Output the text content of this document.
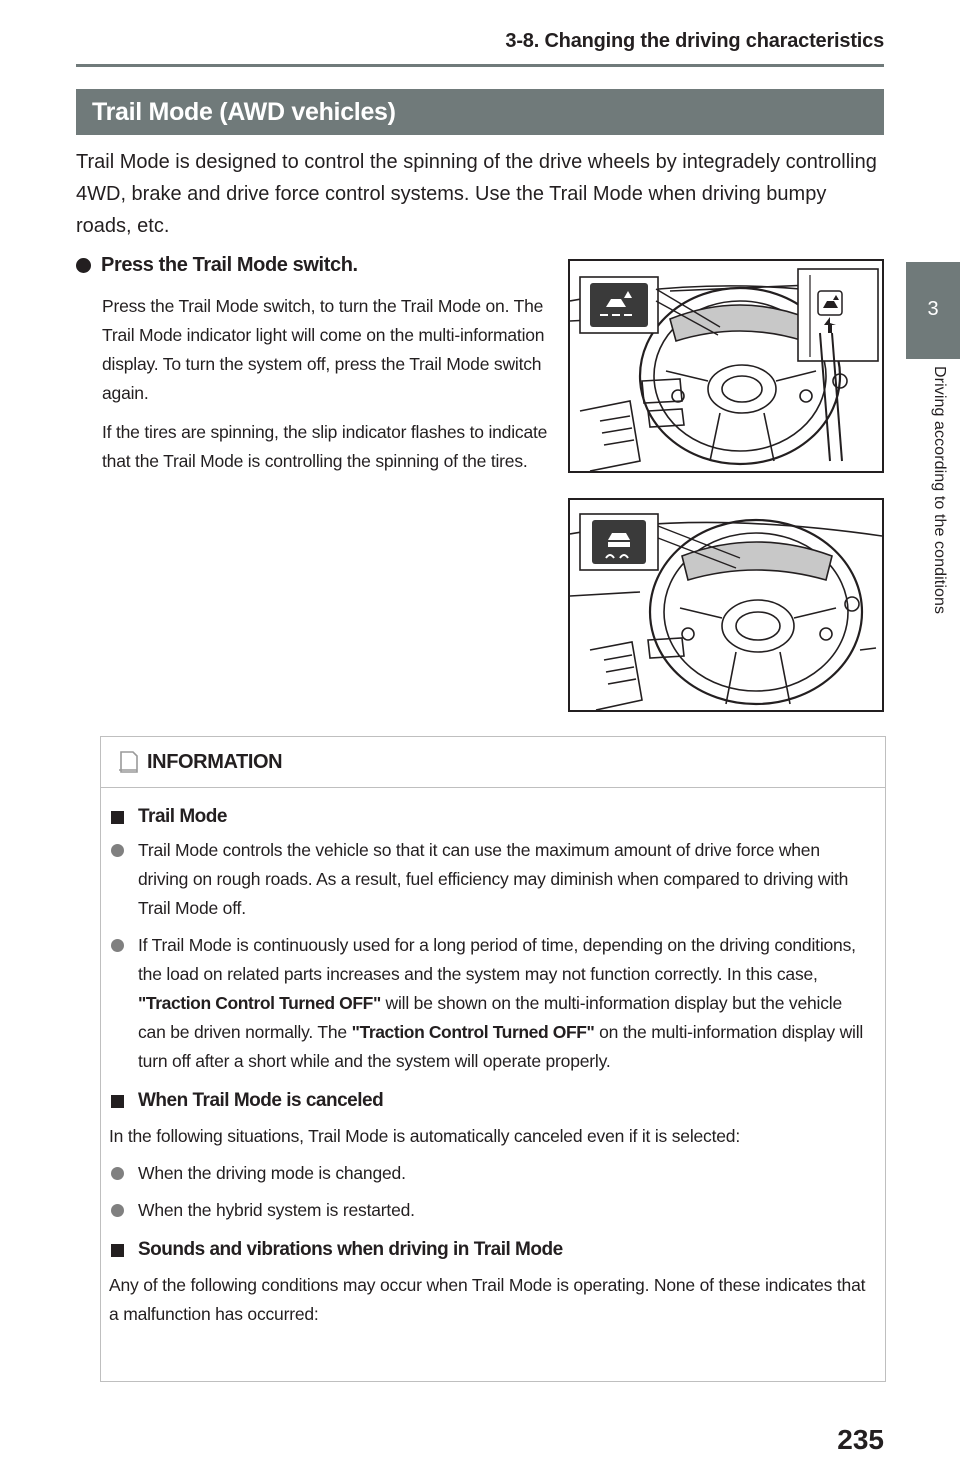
3-8. Changing the driving characteristics
3
Driving according to the conditions
Trail Mode (AWD vehicles)
Trail Mode is designed to control the spinning of the drive wheels by integradely controlling 4WD, brake and drive force control systems. Use the Trail Mode when driving bumpy roads, etc.
Press the Trail Mode switch.
Press the Trail Mode switch, to turn the Trail Mode on. The Trail Mode indicator light will come on the multi-information display. To turn the system off, press the Trail Mode switch again.
If the tires are spinning, the slip indicator flashes to indicate that the Trail Mode is controlling the spinning of the tires.
INFORMATION
Trail Mode
Trail Mode controls the vehicle so that it can use the maximum amount of drive force when driving on rough roads. As a result, fuel efficiency may diminish when compared to driving with Trail Mode off.
If Trail Mode is continuously used for a long period of time, depending on the driving conditions, the load on related parts increases and the system may not function correctly. In this case, "Traction Control Turned OFF" will be shown on the multi-information display but the vehicle can be driven normally. The "Traction Control Turned OFF" on the multi-information display will turn off after a short while and the system will operate properly.
When Trail Mode is canceled
In the following situations, Trail Mode is automatically canceled even if it is selected:
When the driving mode is changed.
When the hybrid system is restarted.
Sounds and vibrations when driving in Trail Mode
Any of the following conditions may occur when Trail Mode is operating. None of these indicates that a malfunction has occurred:
235
